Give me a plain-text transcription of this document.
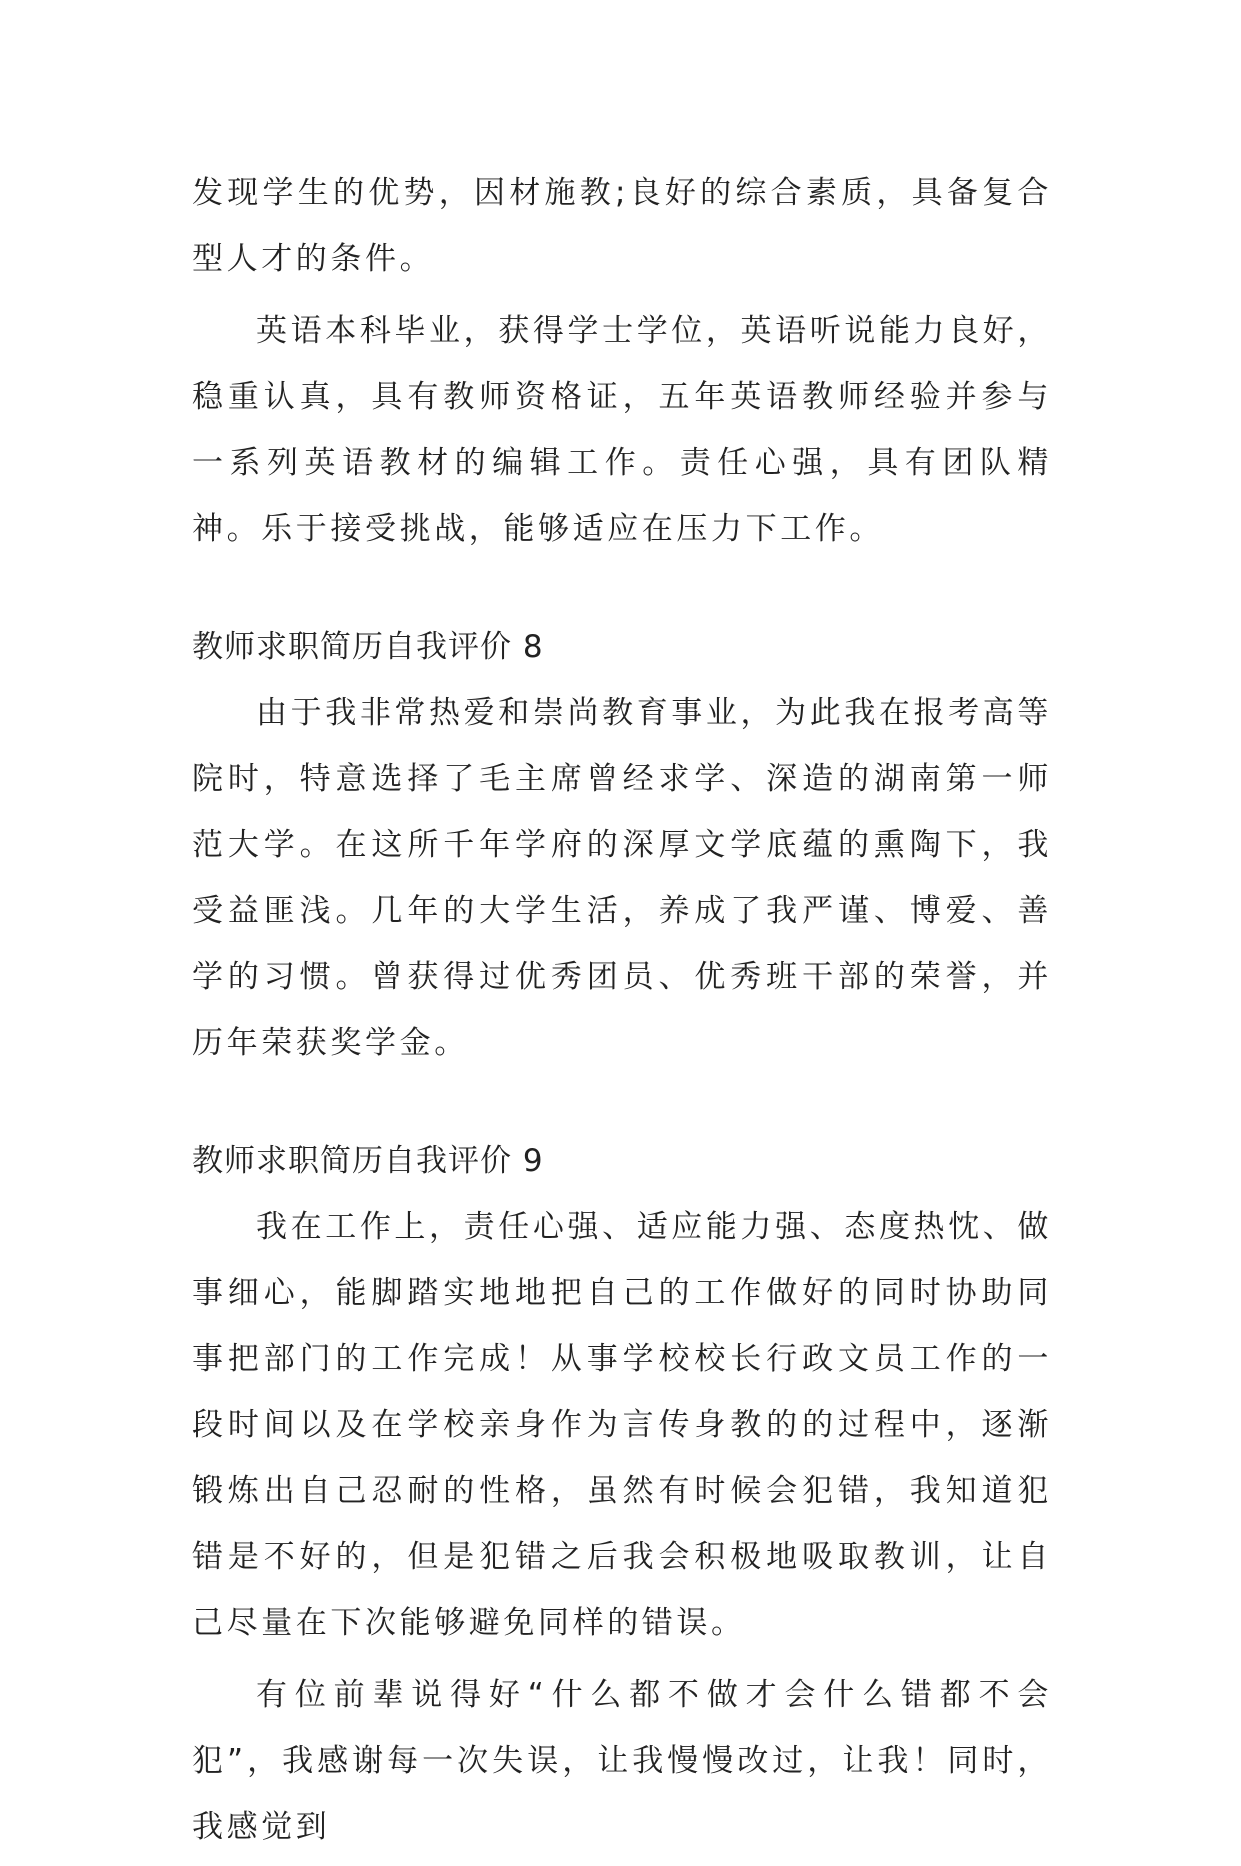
发现学生的优势，因材施教;良好的综合素质，具备复合型人才的条件。

英语本科毕业，获得学士学位，英语听说能力良好，稳重认真，具有教师资格证，五年英语教师经验并参与一系列英语教材的编辑工作。责任心强，具有团队精神。乐于接受挑战，能够适应在压力下工作。

教师求职简历自我评价 8

由于我非常热爱和崇尚教育事业，为此我在报考高等院时，特意选择了毛主席曾经求学、深造的湖南第一师范大学。在这所千年学府的深厚文学底蕴的熏陶下，我受益匪浅。几年的大学生活，养成了我严谨、博爱、善学的习惯。曾获得过优秀团员、优秀班干部的荣誉，并历年荣获奖学金。

教师求职简历自我评价 9

我在工作上，责任心强、适应能力强、态度热忱、做事细心，能脚踏实地地把自己的工作做好的同时协助同事把部门的工作完成！从事学校校长行政文员工作的一段时间以及在学校亲身作为言传身教的的过程中，逐渐锻炼出自己忍耐的性格，虽然有时候会犯错，我知道犯错是不好的，但是犯错之后我会积极地吸取教训，让自己尽量在下次能够避免同样的错误。

有位前辈说得好“什么都不做才会什么错都不会犯”，我感谢每一次失误，让我慢慢改过，让我！同时，我感觉到
